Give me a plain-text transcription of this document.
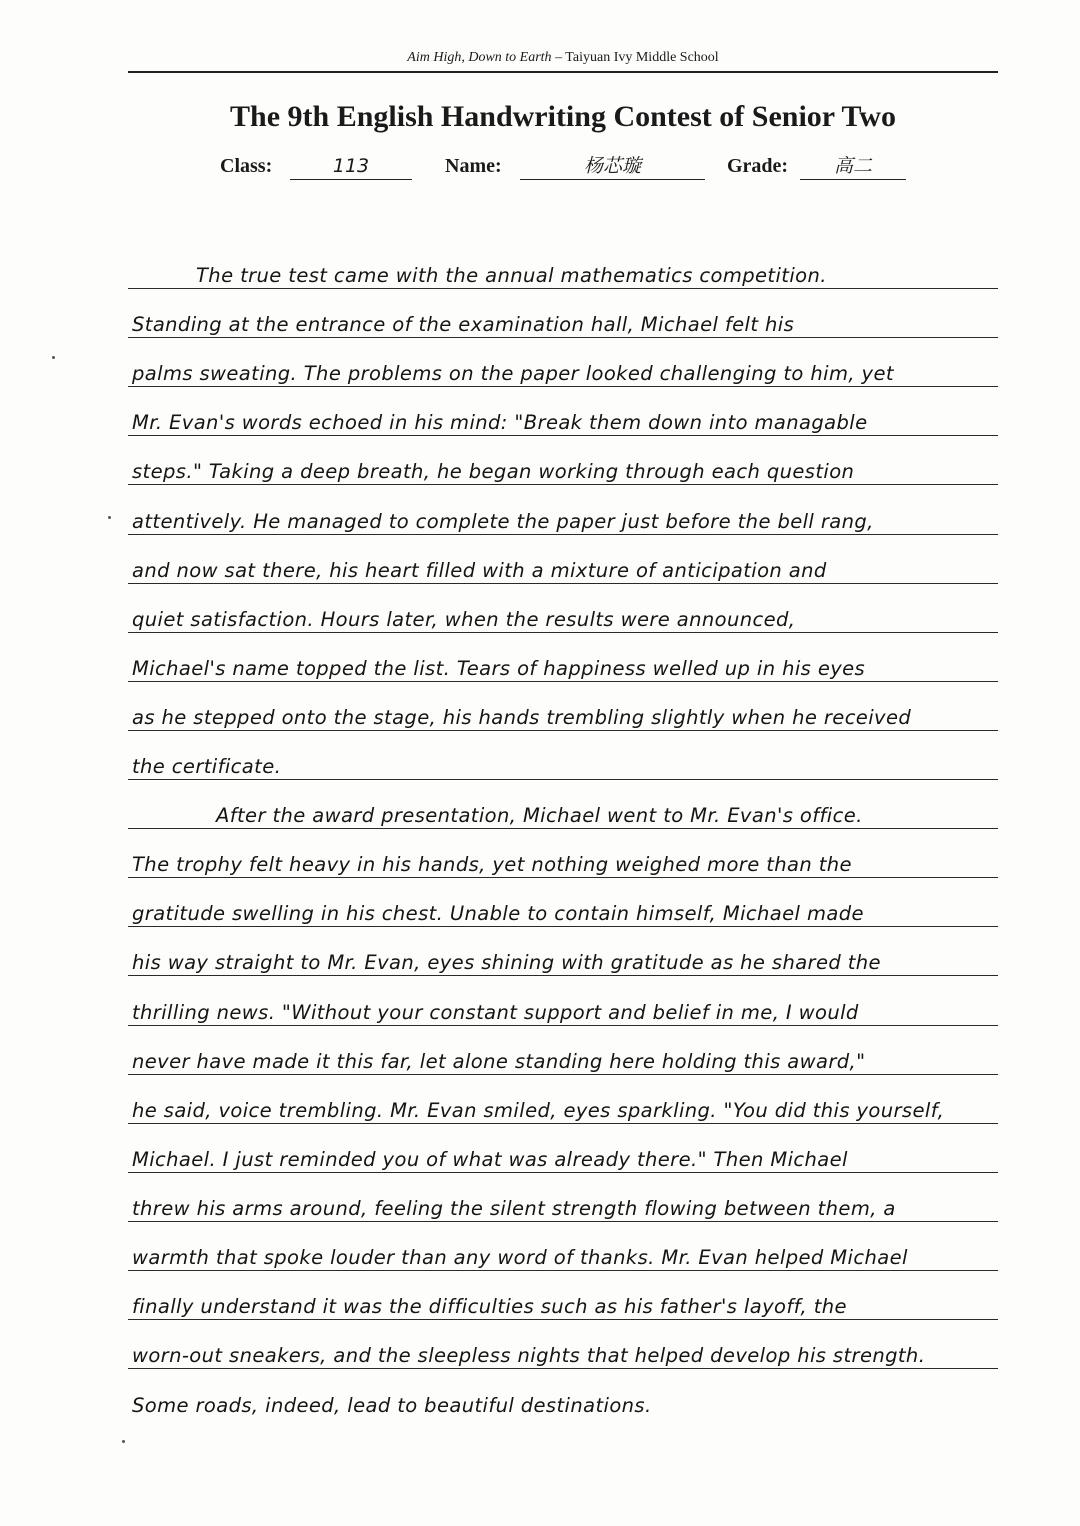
Aim High, Down to Earth – Taiyuan Ivy Middle School
The 9th English Handwriting Contest of Senior Two
Class:	113	Name:	杨芯璇	Grade:	高二
The true test came with the annual mathematics competition.
Standing at the entrance of the examination hall, Michael felt his
palms sweating. The problems on the paper looked challenging to him, yet
Mr. Evan's words echoed in his mind: "Break them down into managable
steps." Taking a deep breath, he began working through each question
attentively. He managed to complete the paper just before the bell rang,
and now sat there, his heart filled with a mixture of anticipation and
quiet satisfaction. Hours later, when the results were announced,
Michael's name topped the list. Tears of happiness welled up in his eyes
as he stepped onto the stage, his hands trembling slightly when he received
the certificate.
After the award presentation, Michael went to Mr. Evan's office.
The trophy felt heavy in his hands, yet nothing weighed more than the
gratitude swelling in his chest. Unable to contain himself, Michael made
his way straight to Mr. Evan, eyes shining with gratitude as he shared the
thrilling news. "Without your constant support and belief in me, I would
never have made it this far, let alone standing here holding this award,"
he said, voice trembling. Mr. Evan smiled, eyes sparkling. "You did this yourself,
Michael. I just reminded you of what was already there." Then Michael
threw his arms around, feeling the silent strength flowing between them, a
warmth that spoke louder than any word of thanks. Mr. Evan helped Michael
finally understand it was the difficulties such as his father's layoff, the
worn-out sneakers, and the sleepless nights that helped develop his strength.
Some roads, indeed, lead to beautiful destinations.
